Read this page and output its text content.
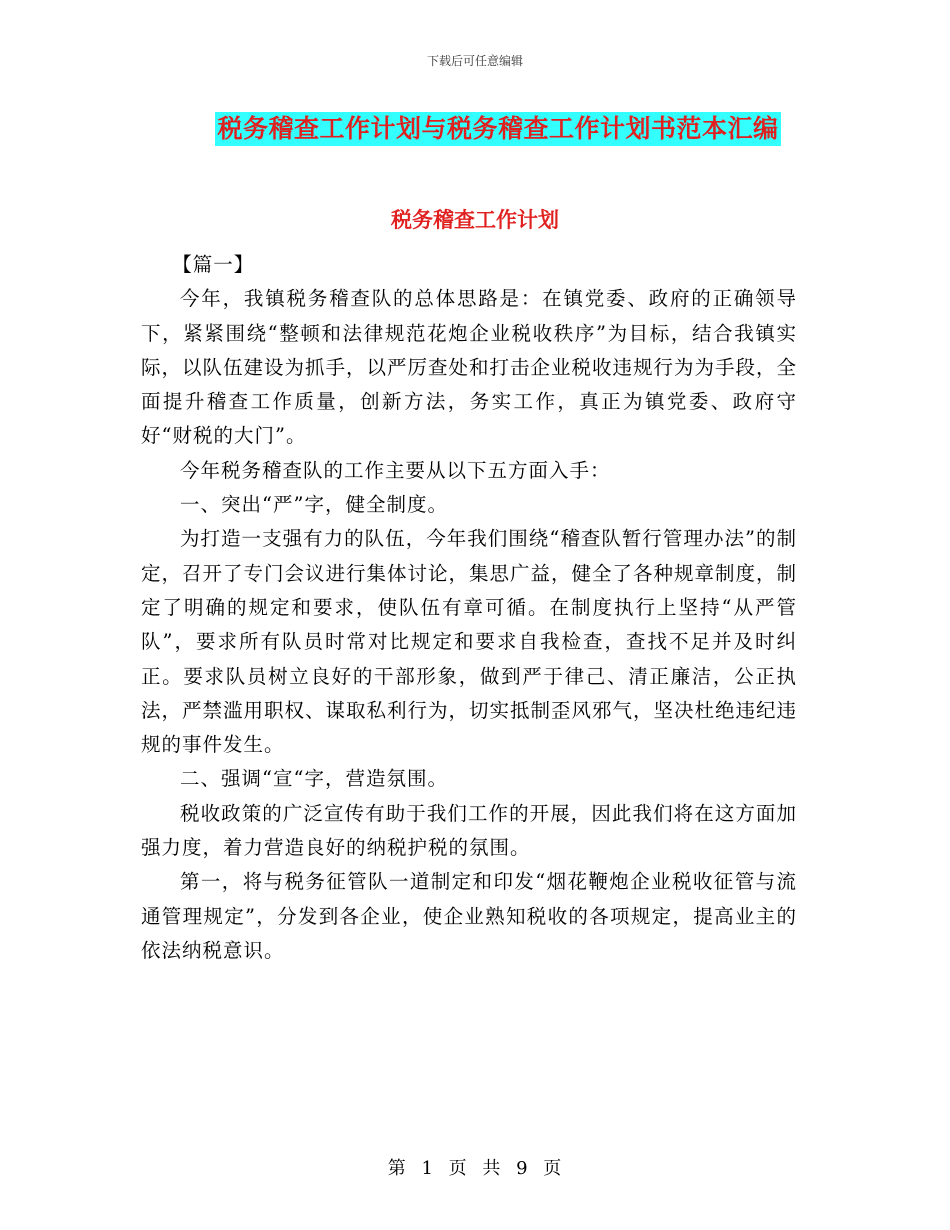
下载后可任意编辑
税务稽查工作计划与税务稽查工作计划书范本汇编
税务稽查工作计划

【篇一】

今年，我镇税务稽查队的总体思路是：在镇党委、政府的正确领导下，紧紧围绕“整顿和法律规范花炮企业税收秩序”为目标，结合我镇实际，以队伍建设为抓手，以严厉查处和打击企业税收违规行为为手段，全面提升稽查工作质量，创新方法，务实工作，真正为镇党委、政府守好“财税的大门”。

今年税务稽查队的工作主要从以下五方面入手：

一、突出“严”字，健全制度。

为打造一支强有力的队伍，今年我们围绕“稽查队暂行管理办法”的制定，召开了专门会议进行集体讨论，集思广益，健全了各种规章制度，制定了明确的规定和要求，使队伍有章可循。在制度执行上坚持“从严管队”，要求所有队员时常对比规定和要求自我检查，查找不足并及时纠正。要求队员树立良好的干部形象，做到严于律己、清正廉洁，公正执法，严禁滥用职权、谋取私利行为，切实抵制歪风邪气，坚决杜绝违纪违规的事件发生。

二、强调“宣“字，营造氛围。

税收政策的广泛宣传有助于我们工作的开展，因此我们将在这方面加强力度，着力营造良好的纳税护税的氛围。

第一，将与税务征管队一道制定和印发“烟花鞭炮企业税收征管与流通管理规定”，分发到各企业，使企业熟知税收的各项规定，提高业主的依法纳税意识。

第 1 页 共 9 页
